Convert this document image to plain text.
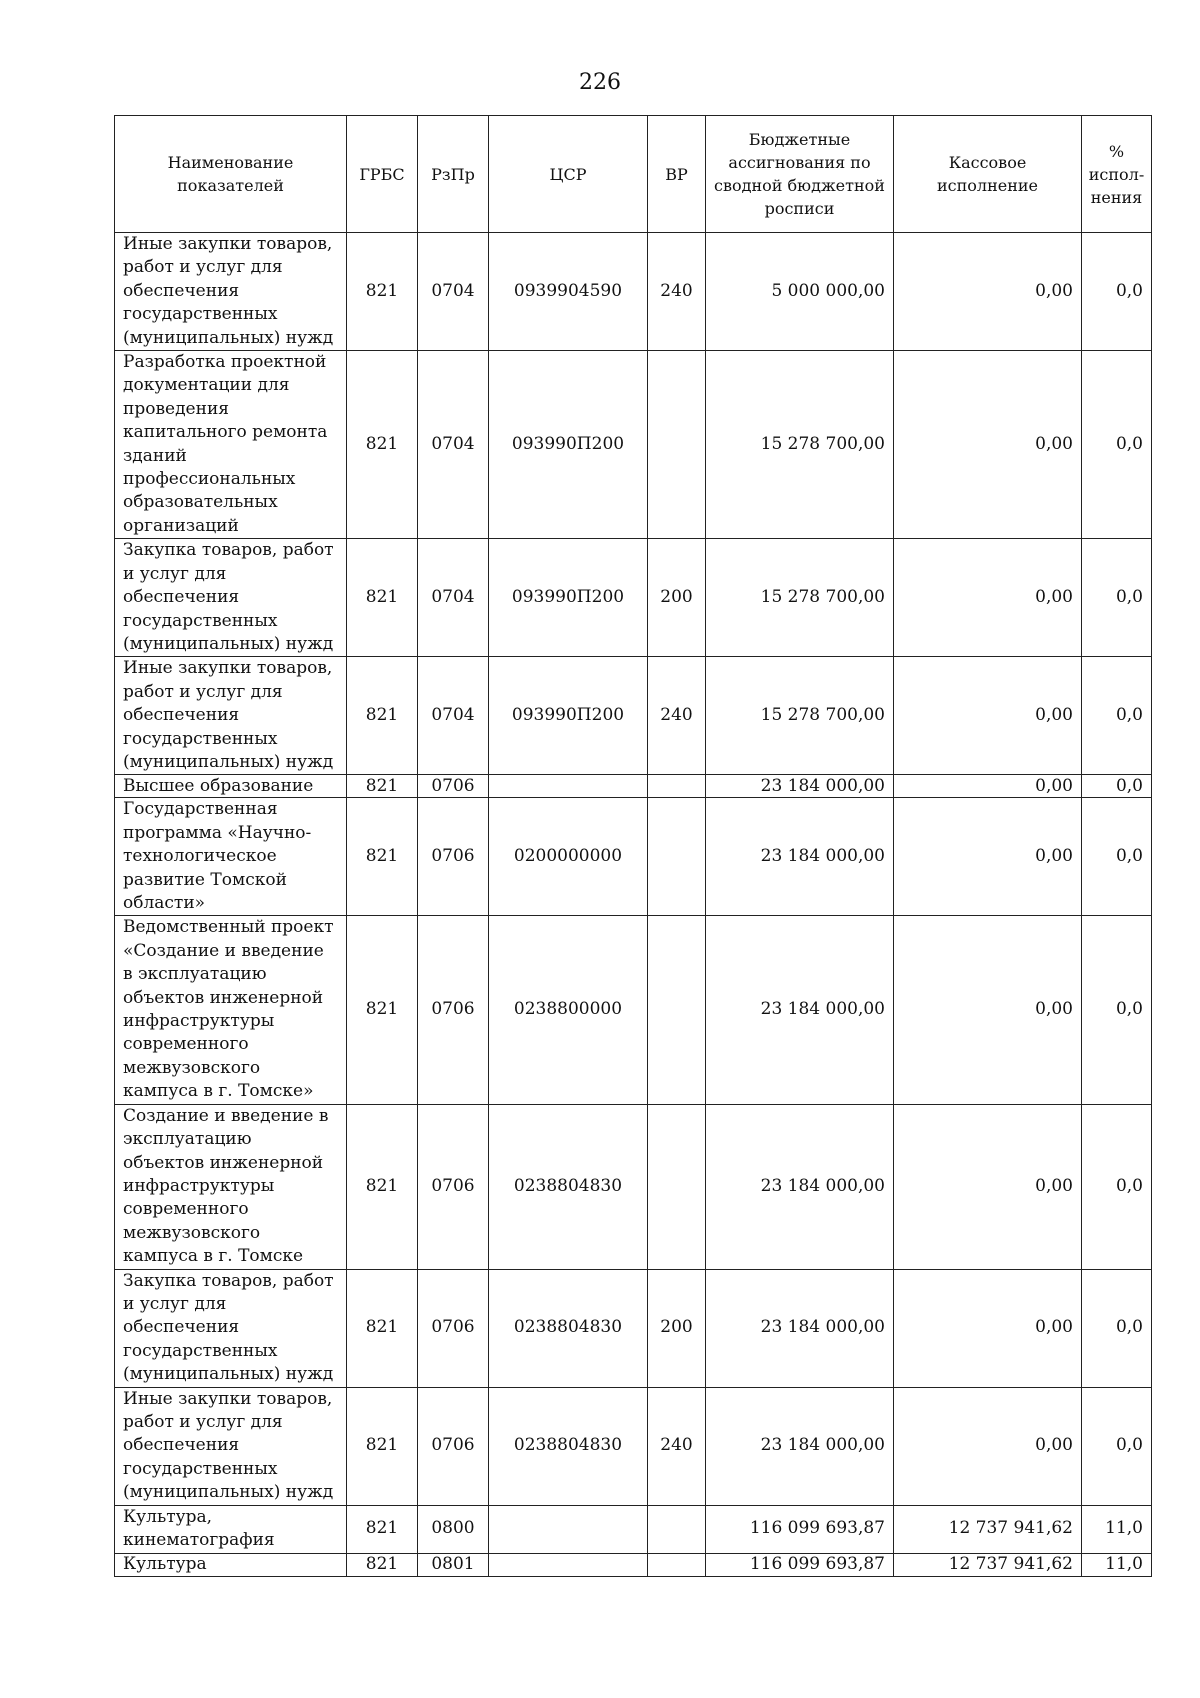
226
Наименование показателей	ГРБС	РзПр	ЦСР	ВР	Бюджетные ассигнования по сводной бюджетной росписи	Кассовое исполнение	% испол-нения
Иные закупки товаров, работ и услуг для обеспечения государственных (муниципальных) нужд	821	0704	0939904590	240	5 000 000,00	0,00	0,0
Разработка проектной документации для проведения капитального ремонта зданий профессиональных образовательных организаций	821	0704	093990П200		15 278 700,00	0,00	0,0
Закупка товаров, работ и услуг для обеспечения государственных (муниципальных) нужд	821	0704	093990П200	200	15 278 700,00	0,00	0,0
Иные закупки товаров, работ и услуг для обеспечения государственных (муниципальных) нужд	821	0704	093990П200	240	15 278 700,00	0,00	0,0
Высшее образование	821	0706			23 184 000,00	0,00	0,0
Государственная программа «Научно-технологическое развитие Томской области»	821	0706	0200000000		23 184 000,00	0,00	0,0
Ведомственный проект «Создание и введение в эксплуатацию объектов инженерной инфраструктуры современного межвузовского кампуса в г. Томске»	821	0706	0238800000		23 184 000,00	0,00	0,0
Создание и введение в эксплуатацию объектов инженерной инфраструктуры современного межвузовского кампуса в г. Томске	821	0706	0238804830		23 184 000,00	0,00	0,0
Закупка товаров, работ и услуг для обеспечения государственных (муниципальных) нужд	821	0706	0238804830	200	23 184 000,00	0,00	0,0
Иные закупки товаров, работ и услуг для обеспечения государственных (муниципальных) нужд	821	0706	0238804830	240	23 184 000,00	0,00	0,0
Культура, кинематография	821	0800			116 099 693,87	12 737 941,62	11,0
Культура	821	0801			116 099 693,87	12 737 941,62	11,0
